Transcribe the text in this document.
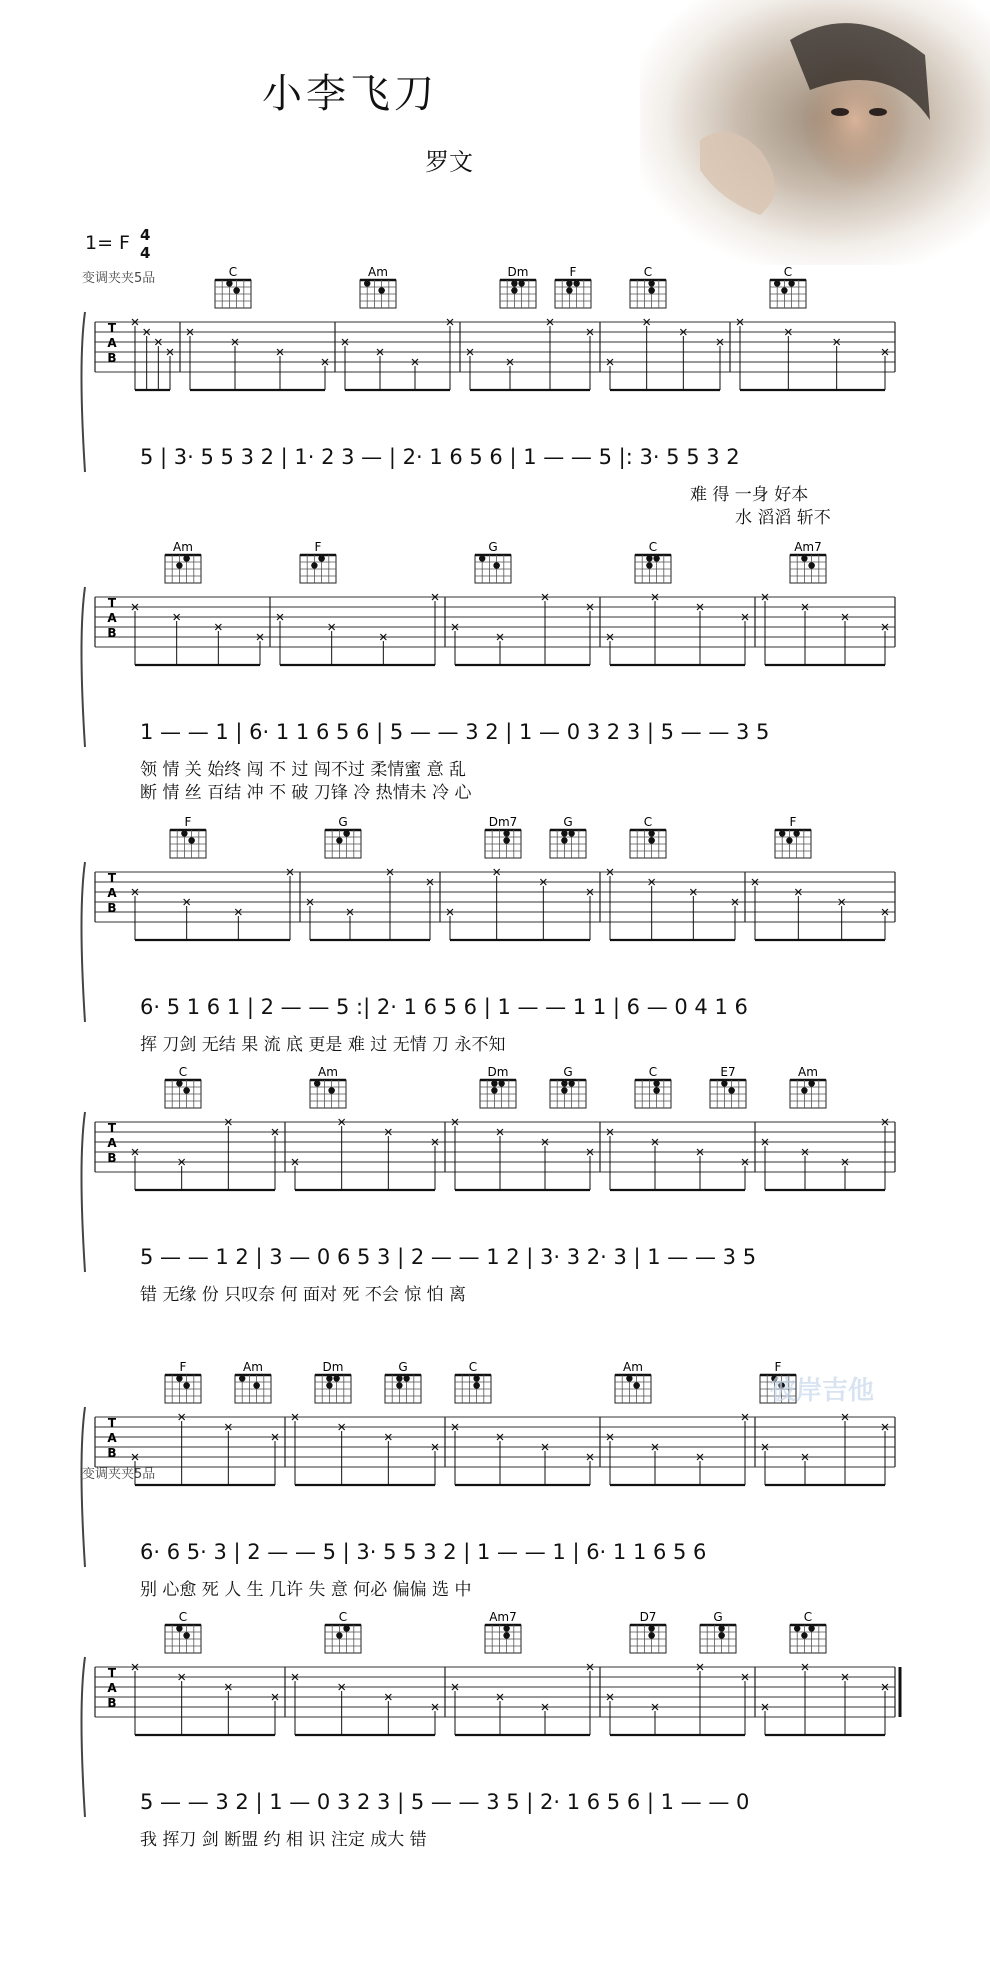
小李飞刀
罗文
1= F 4
4
变调夹夹5品
变调夹夹5品
C	Am	Dm	F	C	C
T
A
B
5 | 3· 5 5 3 2 | 1· 2 3 — | 2· 1 6 5 6 | 1 — — 5 |: 3· 5 5 3 2
难 得 一身 好本
水 滔滔 斩不
Am	F	G	C	Am7
T
A
B
1 — — 1 | 6· 1 1 6 5 6 | 5 — — 3 2 | 1 — 0 3 2 3 | 5 — — 3 5
领 情 关 始终 闯 不 过 闯不过 柔情蜜 意 乱
断 情 丝 百结 冲 不 破 刀锋 冷 热情未 冷 心
F	G	Dm7	G	C	F
T
A
B
6· 5 1 6 1 | 2 — — 5 :| 2· 1 6 5 6 | 1 — — 1 1 | 6 — 0 4 1 6
挥 刀剑 无结 果 流 底 更是 难 过 无情 刀 永不知
C	Am	Dm	G	C	E7	Am
T
A
B
5 — — 1 2 | 3 — 0 6 5 3 | 2 — — 1 2 | 3· 3 2· 3 | 1 — — 3 5
错 无缘 份 只叹奈 何 面对 死 不会 惊 怕 离
F	Am	Dm	G	C	Am	F
T
A
B
6· 6 5· 3 | 2 — — 5 | 3· 5 5 3 2 | 1 — — 1 | 6· 1 1 6 5 6
别 心愈 死 人 生 几许 失 意 何必 偏偏 选 中
C	C	Am7	D7	G	C
T
A
B
5 — — 3 2 | 1 — 0 3 2 3 | 5 — — 3 5 | 2· 1 6 5 6 | 1 — — 0
我 挥刀 剑 断盟 约 相 识 注定 成大 错
彼岸吉他
